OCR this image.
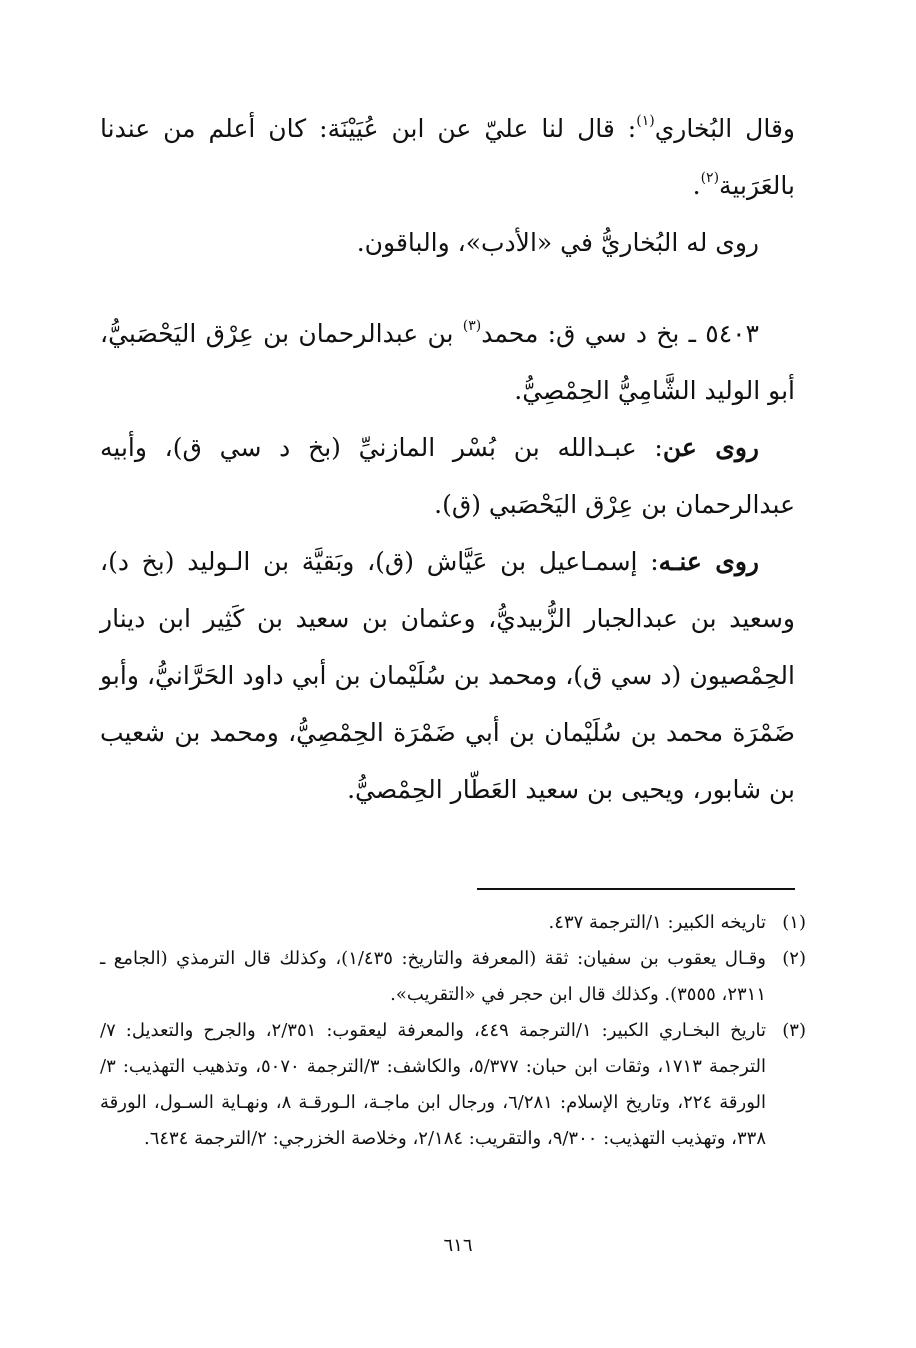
وقال البُخاري$^{(١)}$: قال لنا عليّ عن ابن عُيَيْنَة: كان أعلم من عندنا بالعَرَبية$^{(٢)}$.

روى له البُخاريُّ في «الأدب»، والباقون.

٥٤٠٣ ـ بخ د سي ق: محمد$^{(٣)}$ بن عبدالرحمان بن عِرْق اليَحْصَبيُّ، أبو الوليد الشَّامِيُّ الحِمْصِيُّ.

روى عن: عبـدالله بن بُسْر المازنيِّ (بخ د سي ق)، وأبيه عبدالرحمان بن عِرْق اليَحْصَبي (ق).

روى عنـه: إسمـاعيل بن عَيَّاش (ق)، وبَقيَّة بن الـوليد (بخ د)، وسعيد بن عبدالجبار الزُّبيديُّ، وعثمان بن سعيد بن كَثِير ابن دينار الحِمْصيون (د سي ق)، ومحمد بن سُلَيْمان بن أبي داود الحَرَّانيُّ، وأبو ضَمْرَة محمد بن سُلَيْمان بن أبي ضَمْرَة الحِمْصِيُّ، ومحمد بن شعيب بن شابور، ويحيى بن سعيد العَطّار الحِمْصيُّ.

(١)
تاريخه الكبير: ١/الترجمة ٤٣٧.
(٢)
وقـال يعقوب بن سفيان: ثقة (المعرفة والتاريخ: ١/٤٣٥)، وكذلك قال الترمذي (الجامع ـ ٢٣١١، ٣٥٥٥). وكذلك قال ابن حجر في «التقريب».
(٣)
تاريخ البخـاري الكبير: ١/الترجمة ٤٤٩، والمعرفة ليعقوب: ٢/٣٥١، والجرح والتعديل: ٧/الترجمة ١٧١٣، وثقات ابن حبان: ٥/٣٧٧، والكاشف: ٣/الترجمة ٥٠٧٠، وتذهيب التهذيب: ٣/الورقة ٢٢٤، وتاريخ الإسلام: ٦/٢٨١، ورجال ابن ماجـة، الـورقـة ٨، ونهـاية السـول، الورقة ٣٣٨، وتهذيب التهذيب: ٩/٣٠٠، والتقريب: ٢/١٨٤، وخلاصة الخزرجي: ٢/الترجمة ٦٤٣٤.
٦١٦
